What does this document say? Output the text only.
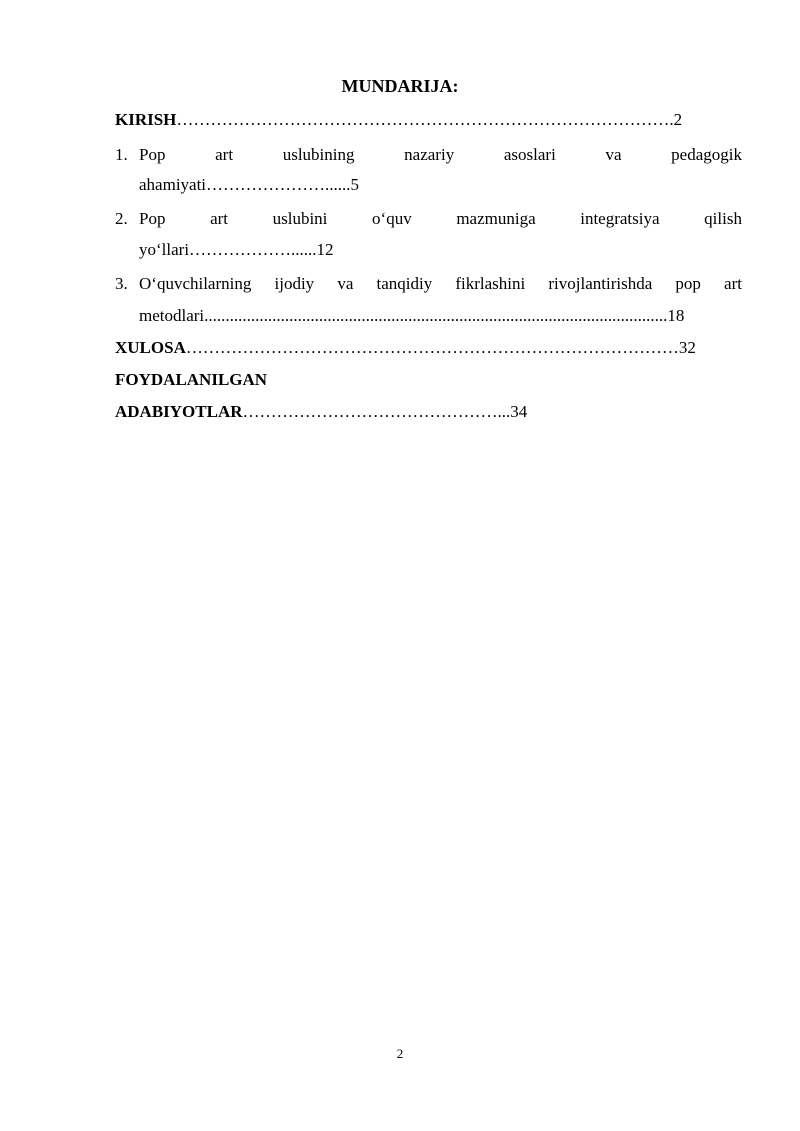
MUNDARIJA:
KIRISH…………………………………………………………………………….2
1. Pop	art	uslubining	nazariy	asoslari	va	pedagogik
ahamiyati…………………......5
2. Pop	art	uslubini	o‘quv	mazmuniga	integratsiya	qilish
yo‘llari………………......12
3. O‘quvchilarning ijodiy va tanqidiy fikrlashini rivojlantirishda pop art
metodlari.............................................................................................................18
XULOSA……………………………………………………………………………32
FOYDALANILGAN
ADABIYOTLAR………………………………………...34
2
